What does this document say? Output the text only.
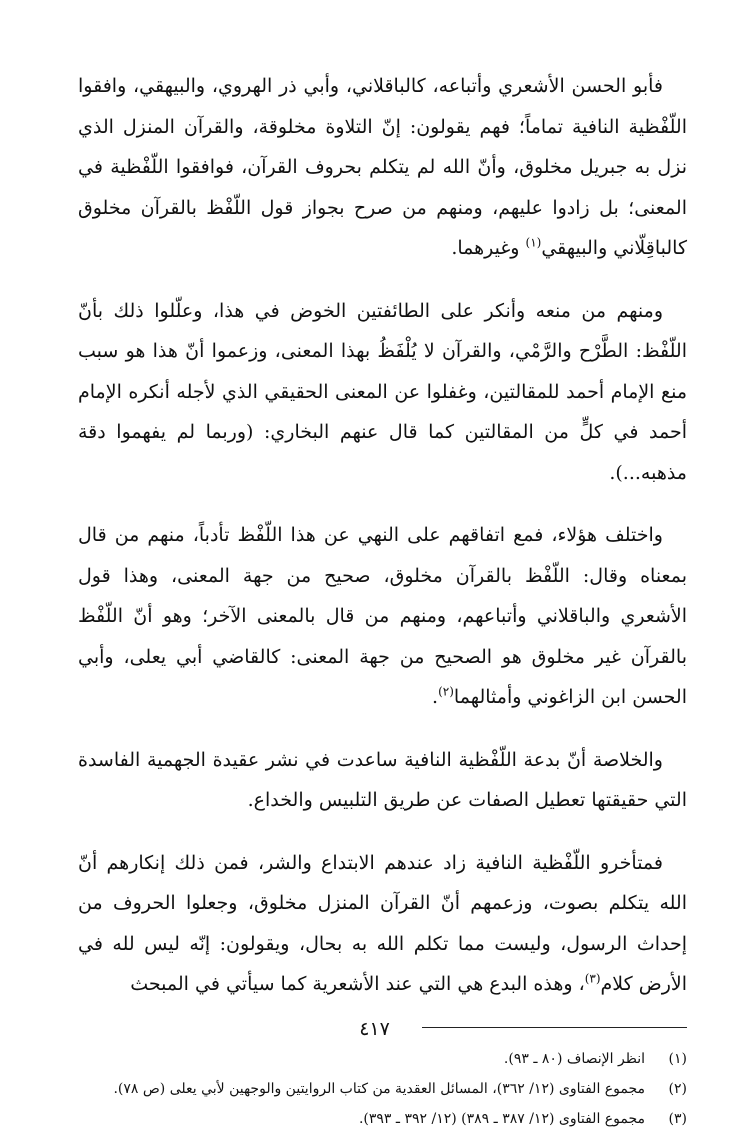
فأبو الحسن الأشعري وأتباعه، كالباقلاني، وأبي ذر الهروي، والبيهقي، وافقوا اللّفْظية النافية تماماً؛ فهم يقولون: إنّ التلاوة مخلوقة، والقرآن المنزل الذي نزل به جبريل مخلوق، وأنّ الله لم يتكلم بحروف القرآن، فوافقوا اللّفْظية في المعنى؛ بل زادوا عليهم، ومنهم من صرح بجواز قول اللّفْظ بالقرآن مخلوق كالباقِلّاني والبيهقي$^{(١)}$ وغيرهما.

ومنهم من منعه وأنكر على الطائفتين الخوض في هذا، وعلّلوا ذلك بأنّ اللّفْظ: الطَّرْح والرَّمْي، والقرآن لا يُلْفَظُ بهذا المعنى، وزعموا أنّ هذا هو سبب منع الإمام أحمد للمقالتين، وغفلوا عن المعنى الحقيقي الذي لأجله أنكره الإمام أحمد في كلٍّ من المقالتين كما قال عنهم البخاري: (وربما لم يفهموا دقة مذهبه...).

واختلف هؤلاء، فمع اتفاقهم على النهي عن هذا اللّفْظ تأدباً، منهم من قال بمعناه وقال: اللّفْظ بالقرآن مخلوق، صحيح من جهة المعنى، وهذا قول الأشعري والباقلاني وأتباعهم، ومنهم من قال بالمعنى الآخر؛ وهو أنّ اللّفْظ بالقرآن غير مخلوق هو الصحيح من جهة المعنى: كالقاضي أبي يعلى، وأبي الحسن ابن الزاغوني وأمثالهما$^{(٢)}$.

والخلاصة أنّ بدعة اللّفْظية النافية ساعدت في نشر عقيدة الجهمية الفاسدة التي حقيقتها تعطيل الصفات عن طريق التلبيس والخداع.

فمتأخرو اللّفْظية النافية زاد عندهم الابتداع والشر، فمن ذلك إنكارهم أنّ الله يتكلم بصوت، وزعمهم أنّ القرآن المنزل مخلوق، وجعلوا الحروف من إحداث الرسول، وليست مما تكلم الله به بحال، ويقولون: إنّه ليس لله في الأرض كلام$^{(٣)}$، وهذه البدع هي التي عند الأشعرية كما سيأتي في المبحث

(١)
انظر الإنصاف (٨٠ ـ ٩٣).
(٢)
مجموع الفتاوى (١٢/ ٣٦٢)، المسائل العقدية من كتاب الروايتين والوجهين لأبي يعلى (ص ٧٨).
(٣)
مجموع الفتاوى (١٢/ ٣٨٧ ـ ٣٨٩) (١٢/ ٣٩٢ ـ ٣٩٣).
٤١٧
